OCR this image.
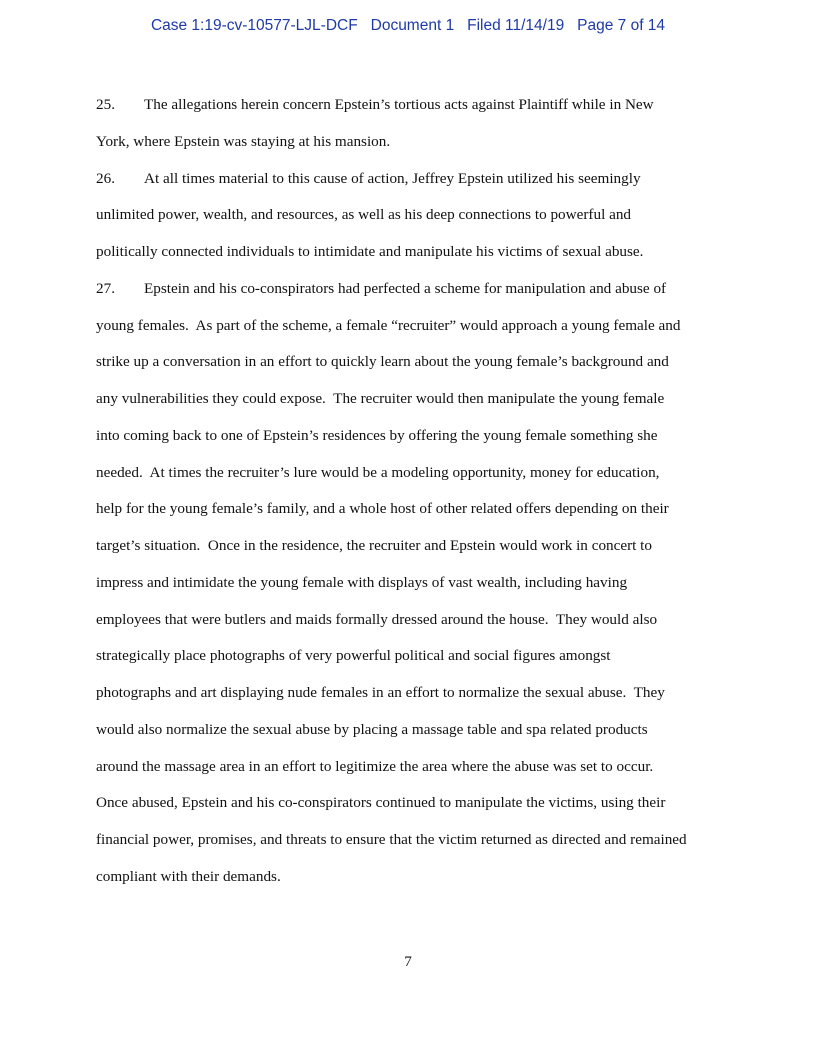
Case 1:19-cv-10577-LJL-DCF Document 1 Filed 11/14/19 Page 7 of 14
25. The allegations herein concern Epstein’s tortious acts against Plaintiff while in New
York, where Epstein was staying at his mansion.
26. At all times material to this cause of action, Jeffrey Epstein utilized his seemingly
unlimited power, wealth, and resources, as well as his deep connections to powerful and
politically connected individuals to intimidate and manipulate his victims of sexual abuse.
27. Epstein and his co-conspirators had perfected a scheme for manipulation and abuse of
young females.  As part of the scheme, a female “recruiter” would approach a young female and
strike up a conversation in an effort to quickly learn about the young female’s background and
any vulnerabilities they could expose.  The recruiter would then manipulate the young female
into coming back to one of Epstein’s residences by offering the young female something she
needed.  At times the recruiter’s lure would be a modeling opportunity, money for education,
help for the young female’s family, and a whole host of other related offers depending on their
target’s situation.  Once in the residence, the recruiter and Epstein would work in concert to
impress and intimidate the young female with displays of vast wealth, including having
employees that were butlers and maids formally dressed around the house.  They would also
strategically place photographs of very powerful political and social figures amongst
photographs and art displaying nude females in an effort to normalize the sexual abuse.  They
would also normalize the sexual abuse by placing a massage table and spa related products
around the massage area in an effort to legitimize the area where the abuse was set to occur.
Once abused, Epstein and his co-conspirators continued to manipulate the victims, using their
financial power, promises, and threats to ensure that the victim returned as directed and remained
compliant with their demands.
7
